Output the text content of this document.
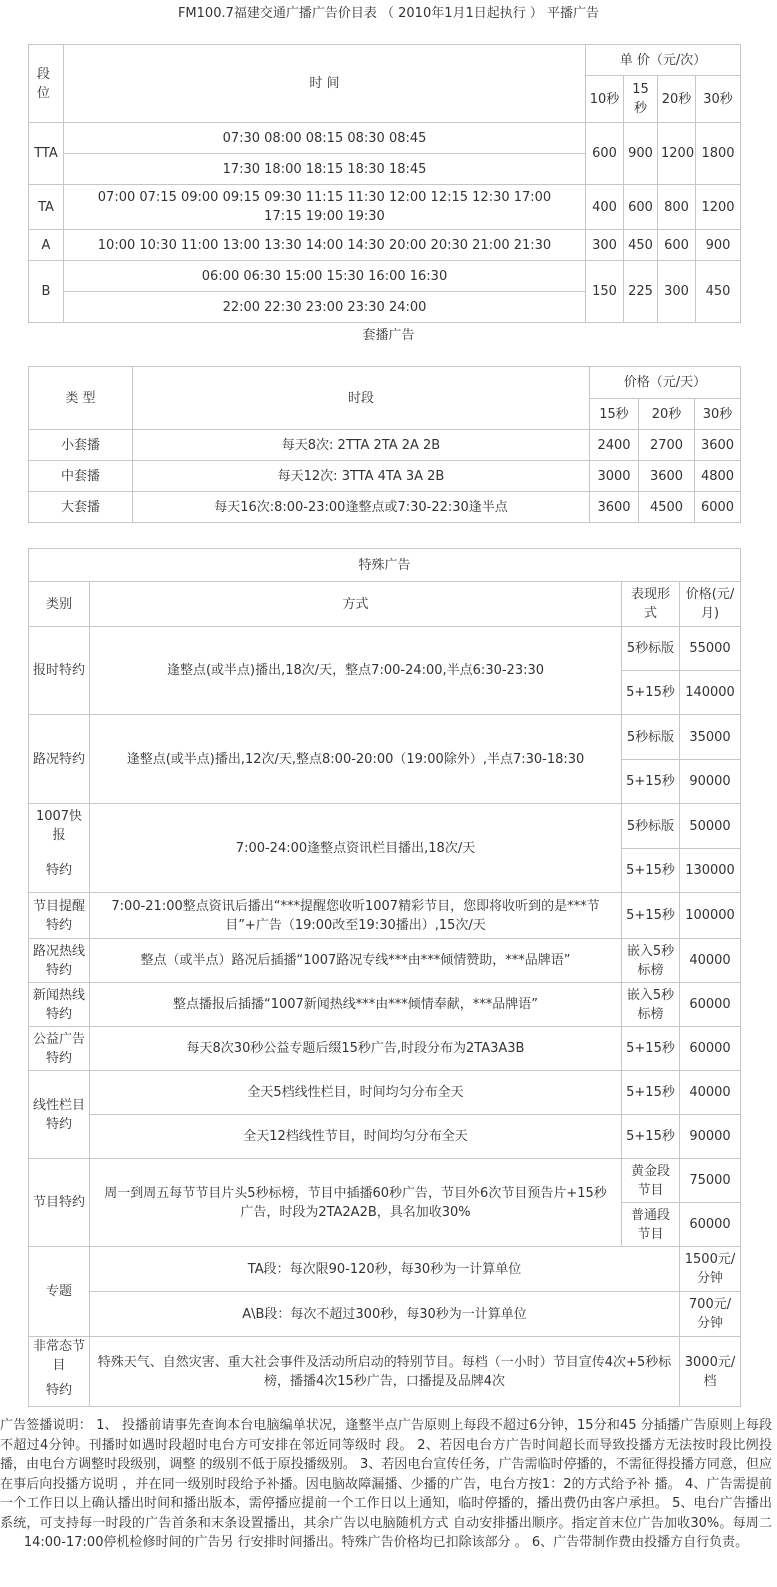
FM100.7福建交通广播广告价目表 （ 2010年1月1日起执行 ） 平播广告
段位	时 间	单 价（元/次）			
		10秒	15秒	20秒	30秒
TTA	07:30 08:00 08:15 08:30 08:45	600	900	1200	1800
	17:30 18:00 18:15 18:30 18:45				
TA	07:00 07:15 09:00 09:15 09:30 11:15 11:30 12:00 12:15 12:30 17:00 17:15 19:00 19:30	400	600	800	1200
A	10:00 10:30 11:00 13:00 13:30 14:00 14:30 20:00 20:30 21:00 21:30	300	450	600	900
B	06:00 06:30 15:00 15:30 16:00 16:30	150	225	300	450
	22:00 22:30 23:00 23:30 24:00				
套播广告
类 型	时段	价格（元/天）		
		15秒	20秒	30秒
小套播	每天8次: 2TTA 2TA 2A 2B	2400	2700	3600
中套播	每天12次: 3TTA 4TA 3A 2B	3000	3600	4800
大套播	每天16次:8:00-23:00逢整点或7:30-22:30逢半点	3600	4500	6000
特殊广告			
类别	方式	表现形式	价格(元/月)
报时特约	逢整点(或半点)播出,18次/天，整点7:00-24:00,半点6:30-23:30	5秒标版	55000
		5+15秒	140000
路况特约	逢整点(或半点)播出,12次/天,整点8:00-20:00（19:00除外）,半点7:30-18:30	5秒标版	35000
		5+15秒	90000
1007快报	7:00-24:00逢整点资讯栏目播出,18次/天	5秒标版	50000
特约		5+15秒	130000
节目提醒特约	7:00-21:00整点资讯后播出“***提醒您收听1007精彩节目，您即将收听到的是***节目”+广告（19:00改至19:30播出）,15次/天	5+15秒	100000
路况热线特约	整点（或半点）路况后插播“1007路况专线***由***倾情赞助，***品牌语”	嵌入5秒标榜	40000
新闻热线特约	整点播报后插播“1007新闻热线***由***倾情奉献，***品牌语”	嵌入5秒标榜	60000
公益广告特约	每天8次30秒公益专题后缀15秒广告,时段分布为2TA3A3B	5+15秒	60000
线性栏目特约	全天5档线性栏目，时间均匀分布全天	5+15秒	40000
	全天12档线性节目，时间均匀分布全天	5+15秒	90000
节目特约	周一到周五每节节目片头5秒标榜，节目中插播60秒广告，节目外6次节目预告片+15秒广告，时段为2TA2A2B，具名加收30%	黄金段节目	75000
		普通段节目	60000
专题	TA段：每次限90-120秒，每30秒为一计算单位		1500元/分钟
	A\B段：每次不超过300秒，每30秒为一计算单位		700元/分钟
非常态节目	特殊天气、自然灾害、重大社会事件及活动所启动的特别节目。每档（一小时）节目宣传4次+5秒标榜，播播4次15秒广告，口播提及品牌4次		3000元/档
特约			
广告签播说明： 1、 投播前请事先查询本台电脑编单状况，逢整半点广告原则上每段不超过6分钟，15分和45 分插播广告原则上每段不超过4分钟。刊播时如遇时段超时电台方可安排在邻近同等级时 段。 2、若因电台方广告时间超长而导致投播方无法按时段比例投播，由电台方调整时段级别，调整 的级别不低于原投播级别。 3、若因电台宣传任务，广告需临时停播的，不需征得投播方同意，但应在事后向投播方说明 ，并在同一级别时段给予补播。因电脑故障漏播、少播的广告，电台方按1：2的方式给予补 播。 4、广告需提前一个工作日以上确认播出时间和播出版本，需停播应提前一个工作日以上通知，临时停播的，播出费仍由客户承担。 5、电台广告播出系统，可支持每一时段的广告首条和末条设置播出，其余广告以电脑随机方式 自动安排播出顺序。指定首末位广告加收30%。每周二14:00-17:00停机检修时间的广告另 行安排时间播出。特殊广告价格均已扣除该部分 。 6、广告带制作费由投播方自行负责。
